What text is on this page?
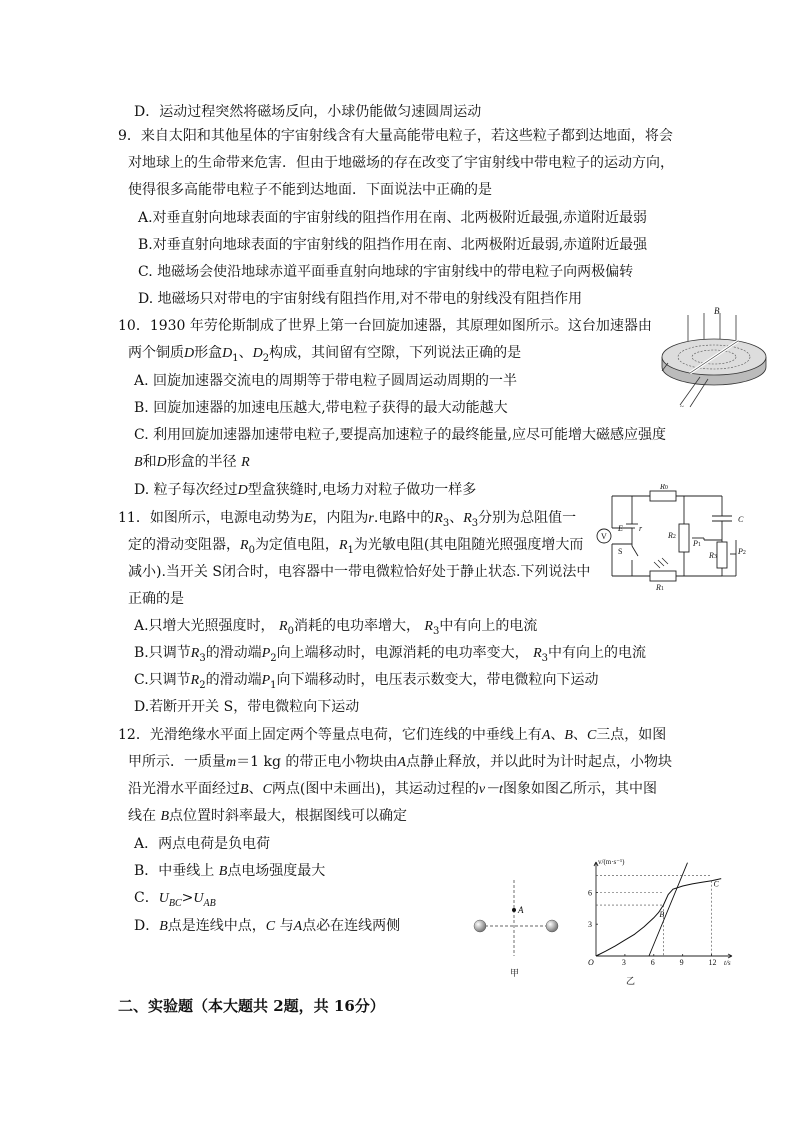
D．运动过程突然将磁场反向，小球仍能做匀速圆周运动
9．来自太阳和其他星体的宇宙射线含有大量高能带电粒子，若这些粒子都到达地面，将会
对地球上的生命带来危害．但由于地磁场的存在改变了宇宙射线中带电粒子的运动方向，
使得很多高能带电粒子不能到达地面．下面说法中正确的是
A.对垂直射向地球表面的宇宙射线的阻挡作用在南、北两极附近最强,赤道附近最弱
B.对垂直射向地球表面的宇宙射线的阻挡作用在南、北两极附近最弱,赤道附近最强
C. 地磁场会使沿地球赤道平面垂直射向地球的宇宙射线中的带电粒子向两极偏转
D. 地磁场只对带电的宇宙射线有阻挡作用,对不带电的射线没有阻挡作用
10．1930 年劳伦斯制成了世界上第一台回旋加速器，其原理如图所示。这台加速器由
两个铜质D形盒$D_1$、$D_2$构成，其间留有空隙，下列说法正确的是
A. 回旋加速器交流电的周期等于带电粒子圆周运动周期的一半
B. 回旋加速器的加速电压越大,带电粒子获得的最大动能越大
C. 利用回旋加速器加速带电粒子,要提高加速粒子的最终能量,应尽可能增大磁感应强度
B和D形盒的半径 R
D. 粒子每次经过D型盒狭缝时,电场力对粒子做功一样多
B
~
11．如图所示，电源电动势为E，内阻为r.电路中的$R_3$、$R_3$分别为总阻值一
定的滑动变阻器，$R_0$为定值电阻，$R_1$为光敏电阻(其电阻随光照强度增大而
减小).当开关 S闭合时，电容器中一带电微粒恰好处于静止状态.下列说法中
正确的是
A.只增大光照强度时， $R_0$消耗的电功率增大， $R_3$中有向上的电流
B.只调节$R_3$的滑动端$P_2$向上端移动时，电源消耗的电功率变大， $R_3$中有向上的电流
C.只调节$R_2$的滑动端$P_1$向下端移动时，电压表示数变大，带电微粒向下运动
D.若断开开关 S，带电微粒向下运动
R0
R2
R3
R1
C
E r
S
P1
P2
V
12．光滑绝缘水平面上固定两个等量点电荷，它们连线的中垂线上有A、B、C三点，如图
甲所示．一质量m＝1 kg 的带正电小物块由A点静止释放，并以此时为计时起点，小物块
沿光滑水平面经过B、C两点(图中未画出)，其运动过程的v－t图象如图乙所示，其中图
线在 B点位置时斜率最大，根据图线可以确定
A．两点电荷是负电荷
B．中垂线上 B点电场强度最大
C．$U_{BC}>U_{AB}$
D．B点是连线中点，C 与A点必在连线两侧
A
甲
O	3	6	9	12
3
6
v/(m·s⁻¹)
t/s
B
C
乙
二、实验题（本大题共 2题，共 16分）
